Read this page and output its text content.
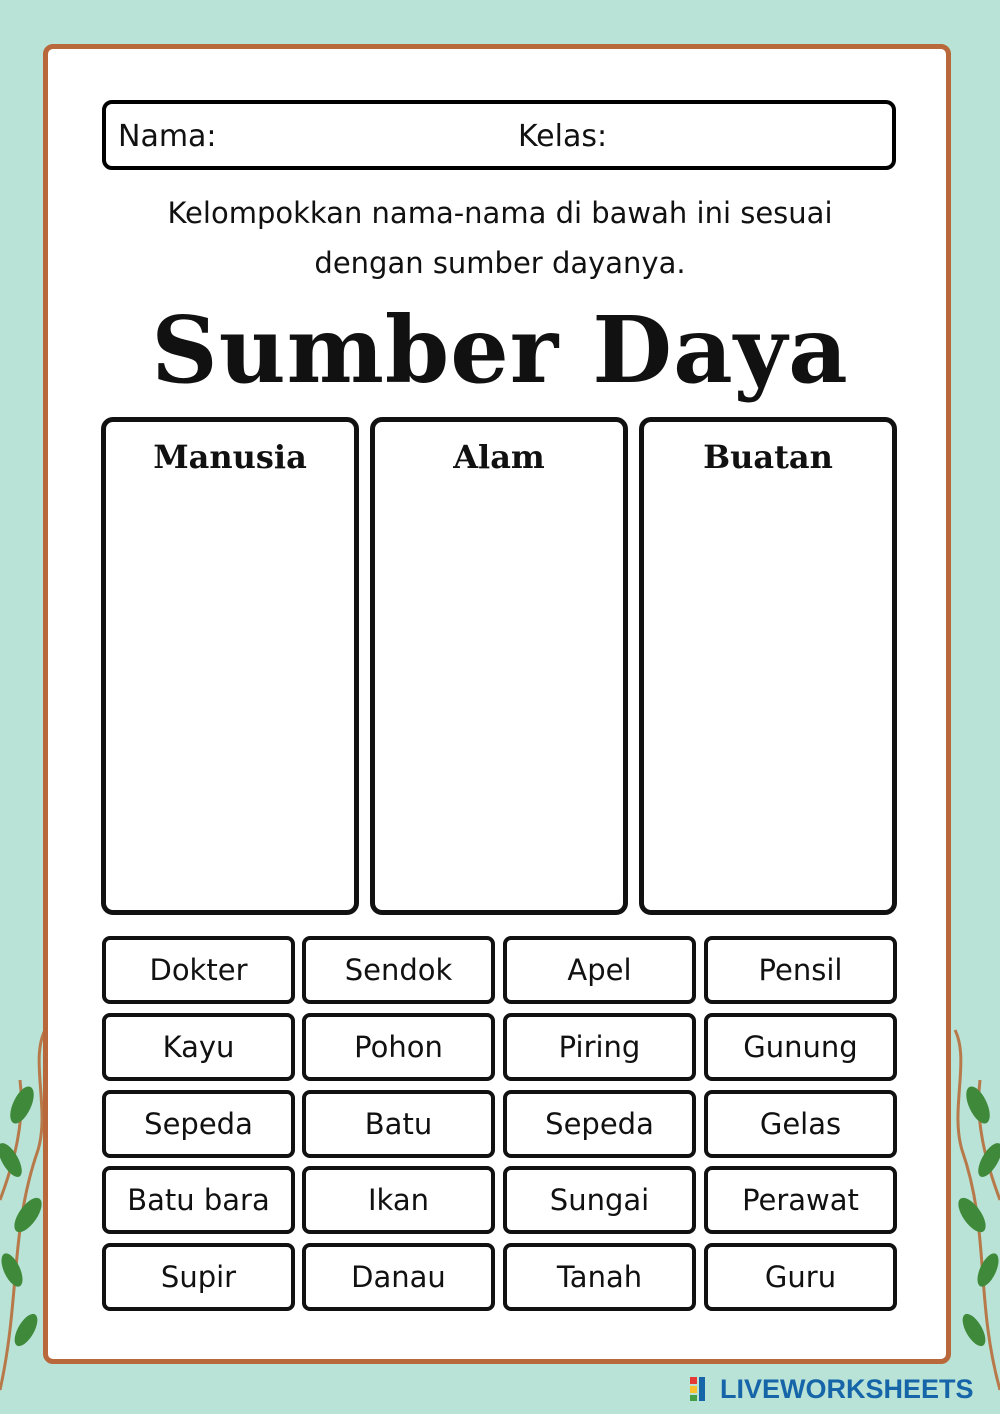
Nama:	Kelas:
Kelompokkan nama-nama di bawah ini sesuai
dengan sumber dayanya.
Sumber Daya
Manusia	Alam	Buatan
Dokter	Sendok	Apel	Pensil
Kayu	Pohon	Piring	Gunung
Sepeda	Batu	Sepeda	Gelas
Batu bara	Ikan	Sungai	Perawat
Supir	Danau	Tanah	Guru
LIVEWORKSHEETS
